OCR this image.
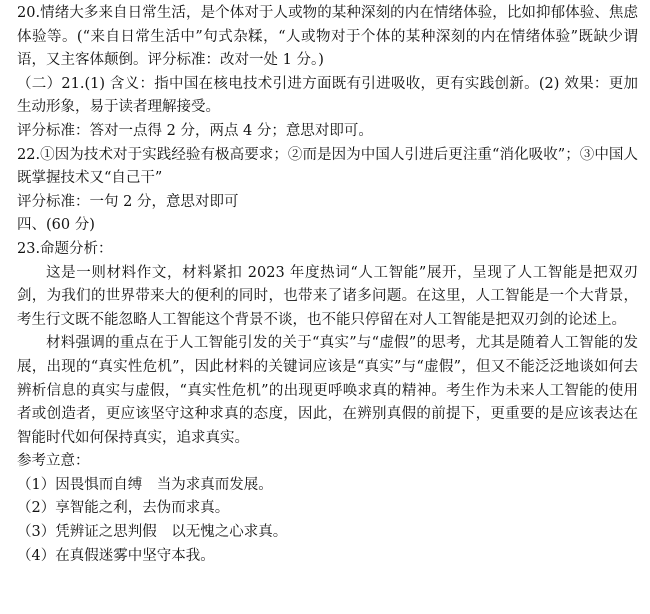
20.情绪大多来自日常生活，是个体对于人或物的某种深刻的内在情绪体验，比如抑郁体验、焦虑体验等。(“来自日常生活中”句式杂糅，“人或物对于个体的某种深刻的内在情绪体验”既缺少谓语，又主客体颠倒。评分标准：改对一处 1 分。)
（二）21.(1) 含义：指中国在核电技术引进方面既有引进吸收，更有实践创新。(2) 效果：更加生动形象，易于读者理解接受。
评分标准：答对一点得 2 分，两点 4 分；意思对即可。
22.①因为技术对于实践经验有极高要求；②而是因为中国人引进后更注重“消化吸收”；③中国人既掌握技术又“自己干”
评分标准：一句 2 分，意思对即可
四、(60 分)
23.命题分析：
这是一则材料作文，材料紧扣 2023 年度热词“人工智能”展开，呈现了人工智能是把双刃剑，为我们的世界带来大的便利的同时，也带来了诸多问题。在这里，人工智能是一个大背景，考生行文既不能忽略人工智能这个背景不谈，也不能只停留在对人工智能是把双刃剑的论述上。
材料强调的重点在于人工智能引发的关于“真实”与“虚假”的思考，尤其是随着人工智能的发展，出现的“真实性危机”，因此材料的关键词应该是“真实”与“虚假”，但又不能泛泛地谈如何去辨析信息的真实与虚假，“真实性危机”的出现更呼唤求真的精神。考生作为未来人工智能的使用者或创造者，更应该坚守这种求真的态度，因此，在辨别真假的前提下，更重要的是应该表达在智能时代如何保持真实，追求真实。
参考立意：
（1）因畏惧而自缚　当为求真而发展。
（2）享智能之利，去伪而求真。
（3）凭辨证之思判假　以无愧之心求真。
（4）在真假迷雾中坚守本我。
